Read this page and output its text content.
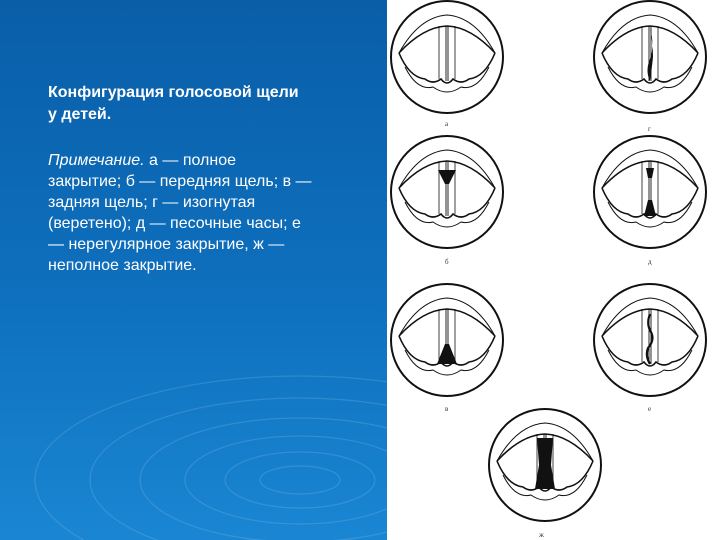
Конфигурация голосовой щели
у детей.

Примечание. а — полное
закрытие; б — передняя щель; в —
задняя щель; г — изогнутая
(веретено); д — песочные часы; е
— нерегулярное закрытие, ж —
неполное закрытие.

а
г
б	д
в	е
ж
